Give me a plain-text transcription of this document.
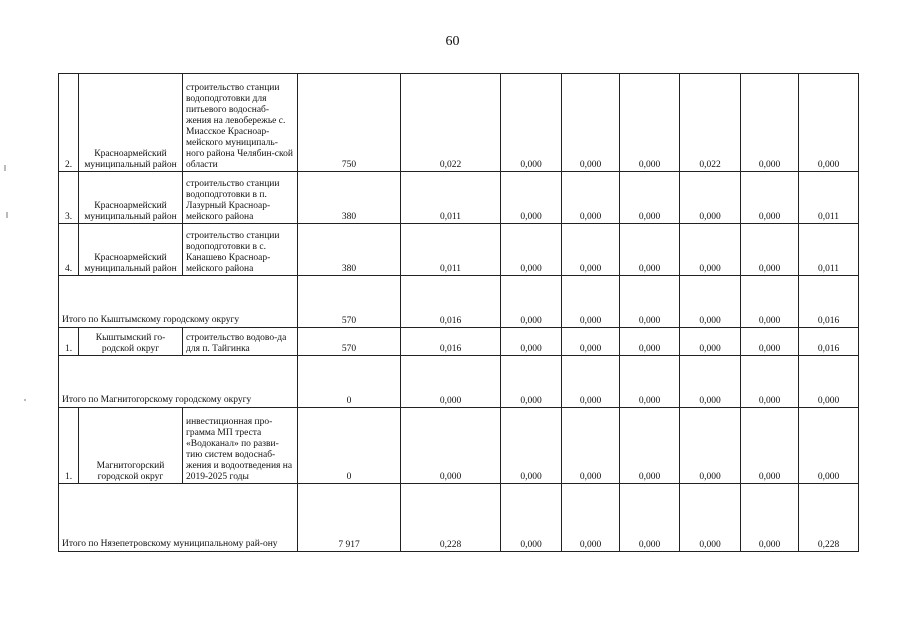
60
2.	Красноармейский муниципальный район	строительство станции водоподготовки для питьевого водоснаб-жения на левобережье с. Миасское Красноар-мейского муниципаль-ного района Челябин-ской области	750	0,022	0,000	0,000	0,000	0,022	0,000	0,000
3.	Красноармейский муниципальный район	строительство станции водоподготовки в п. Лазурный Красноар-мейского района	380	0,011	0,000	0,000	0,000	0,000	0,000	0,011
4.	Красноармейский муниципальный район	строительство станции водоподготовки в с. Канашево Красноар-мейского района	380	0,011	0,000	0,000	0,000	0,000	0,000	0,011
Итого по Кыштымскому городскому округу			570	0,016	0,000	0,000	0,000	0,000	0,000	0,016
1.	Кыштымский го-родской округ	строительство водово-да для п. Тайгинка	570	0,016	0,000	0,000	0,000	0,000	0,000	0,016
Итого по Магнитогорскому городскому округу			0	0,000	0,000	0,000	0,000	0,000	0,000	0,000
1.	Магнитогорский городской округ	инвестиционная про-грамма МП треста «Водоканал» по разви-тию систем водоснаб-жения и водоотведения на 2019-2025 годы	0	0,000	0,000	0,000	0,000	0,000	0,000	0,000
Итого по Нязепетровскому муниципальному рай-ону			7 917	0,228	0,000	0,000	0,000	0,000	0,000	0,228
